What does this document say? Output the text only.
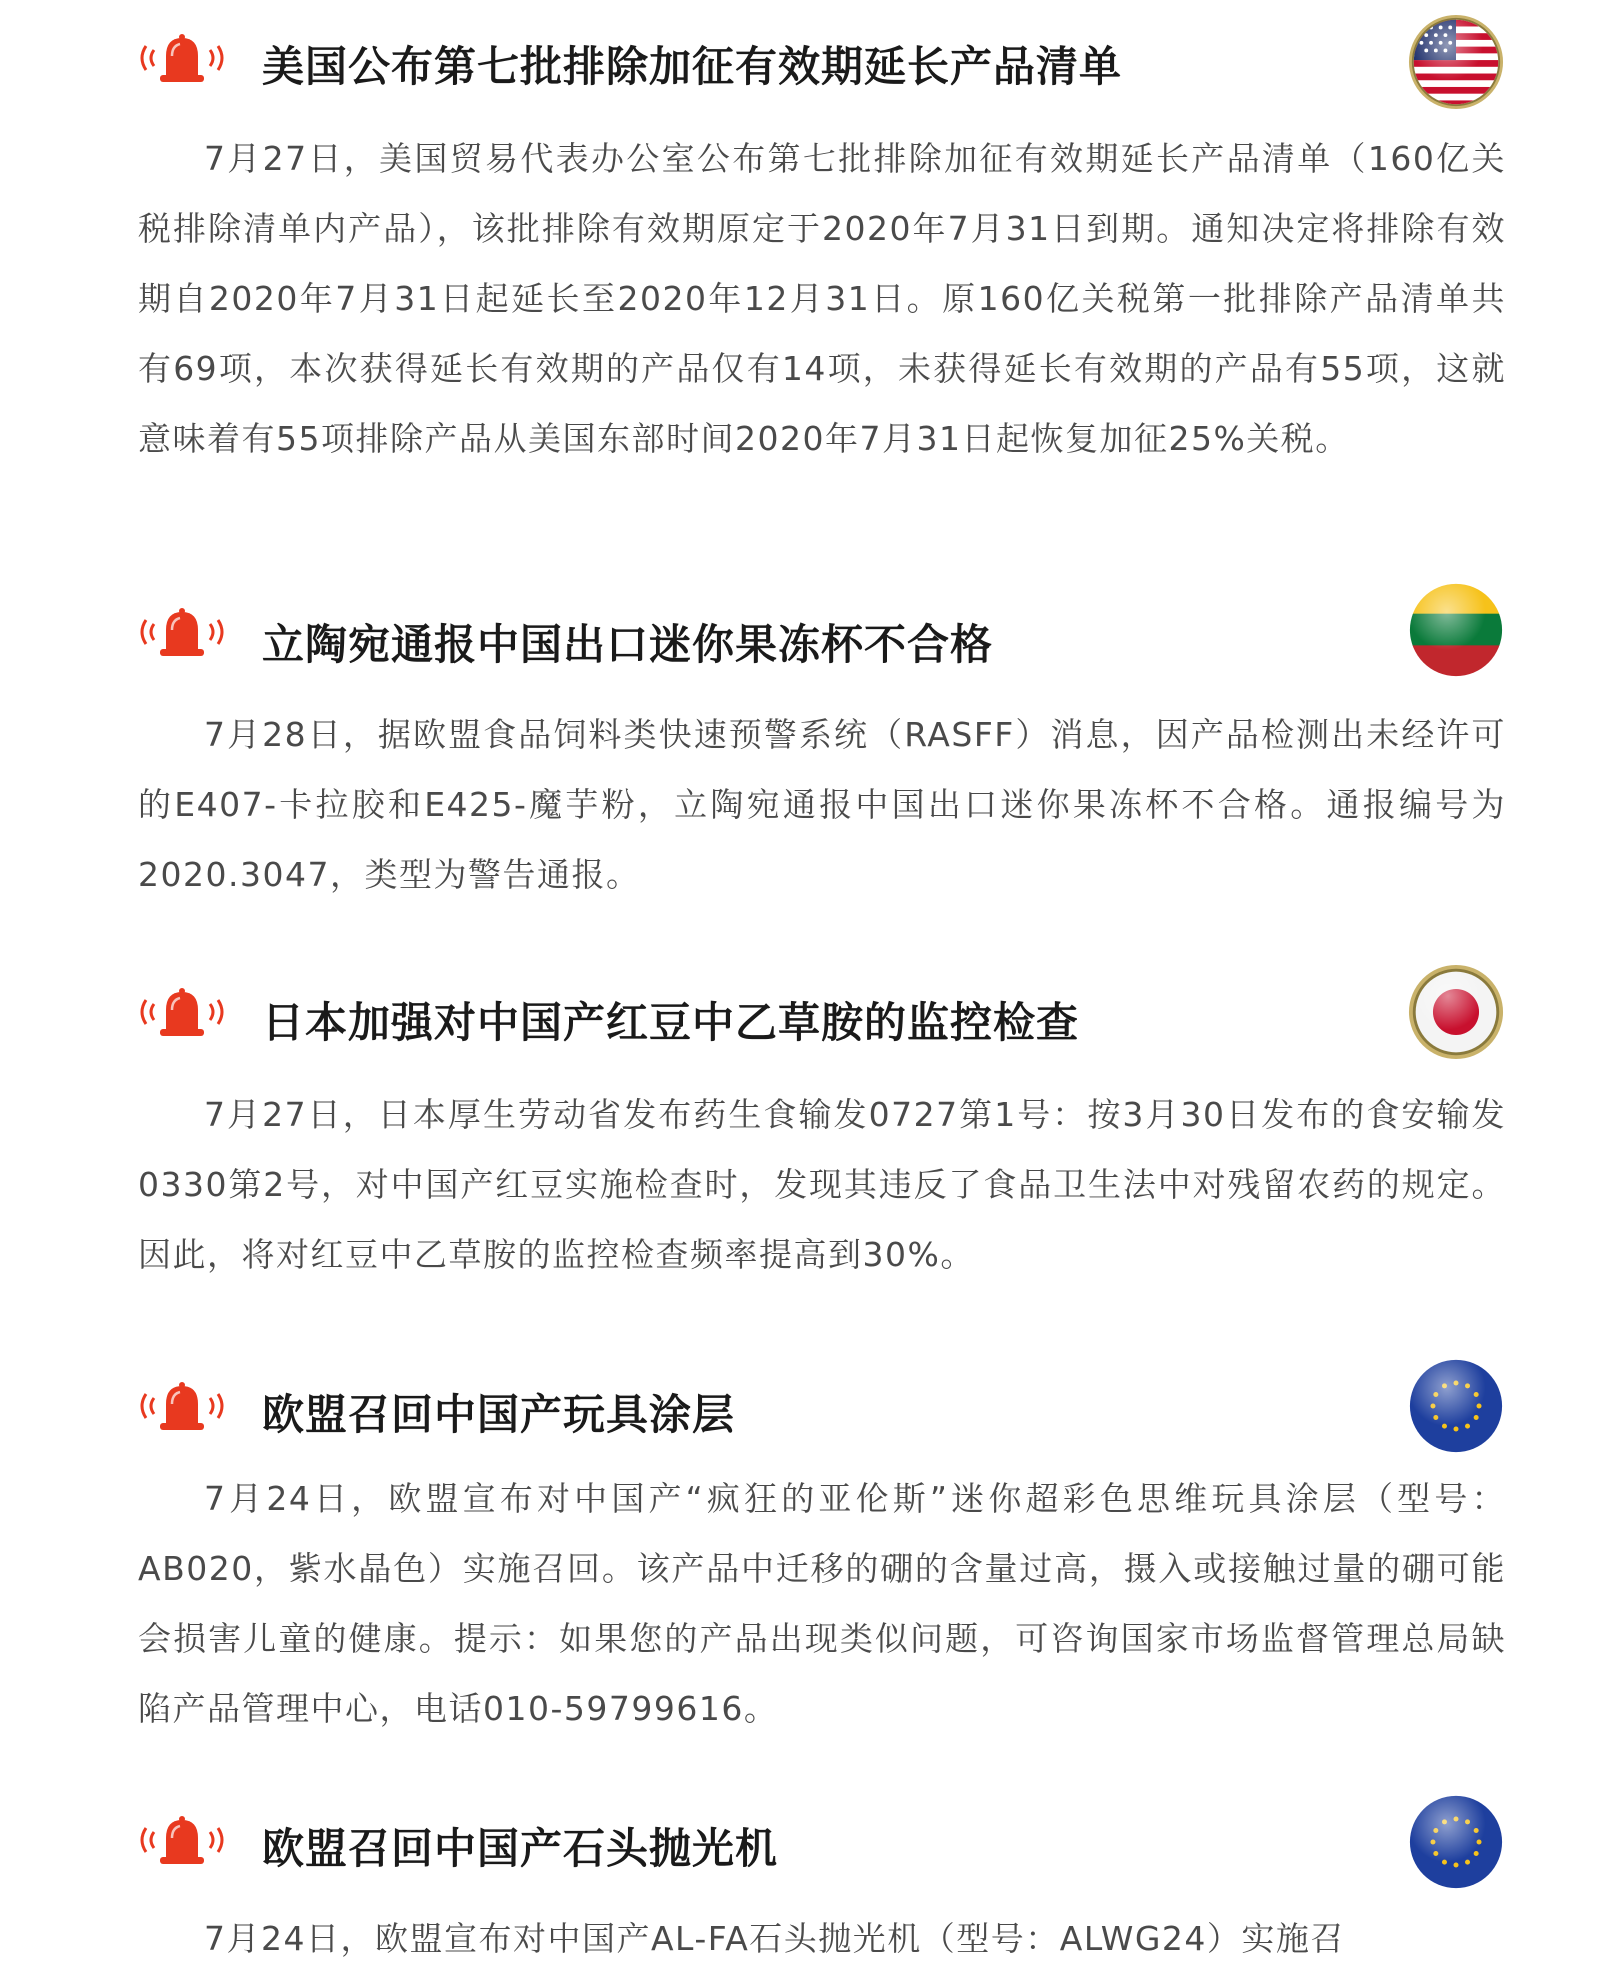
美国公布第七批排除加征有效期延长产品清单

7月27日，美国贸易代表办公室公布第七批排除加征有效期延长产品清单（160亿关税排除清单内产品），该批排除有效期原定于2020年7月31日到期。通知决定将排除有效期自2020年7月31日起延长至2020年12月31日。原160亿关税第一批排除产品清单共有69项，本次获得延长有效期的产品仅有14项，未获得延长有效期的产品有55项，这就意味着有55项排除产品从美国东部时间2020年7月31日起恢复加征25%关税。

立陶宛通报中国出口迷你果冻杯不合格

7月28日，据欧盟食品饲料类快速预警系统（RASFF）消息，因产品检测出未经许可的E407-卡拉胶和E425-魔芋粉，立陶宛通报中国出口迷你果冻杯不合格。通报编号为2020.3047，类型为警告通报。

日本加强对中国产红豆中乙草胺的监控检查

7月27日，日本厚生劳动省发布药生食输发0727第1号：按3月30日发布的食安输发0330第2号，对中国产红豆实施检查时，发现其违反了食品卫生法中对残留农药的规定。因此，将对红豆中乙草胺的监控检查频率提高到30%。

欧盟召回中国产玩具涂层

7月24日，欧盟宣布对中国产“疯狂的亚伦斯”迷你超彩色思维玩具涂层（型号：AB020，紫水晶色）实施召回。该产品中迁移的硼的含量过高，摄入或接触过量的硼可能会损害儿童的健康。提示：如果您的产品出现类似问题，可咨询国家市场监督管理总局缺陷产品管理中心，电话010-59799616。

欧盟召回中国产石头抛光机

7月24日，欧盟宣布对中国产AL-FA石头抛光机（型号：ALWG24）实施召
